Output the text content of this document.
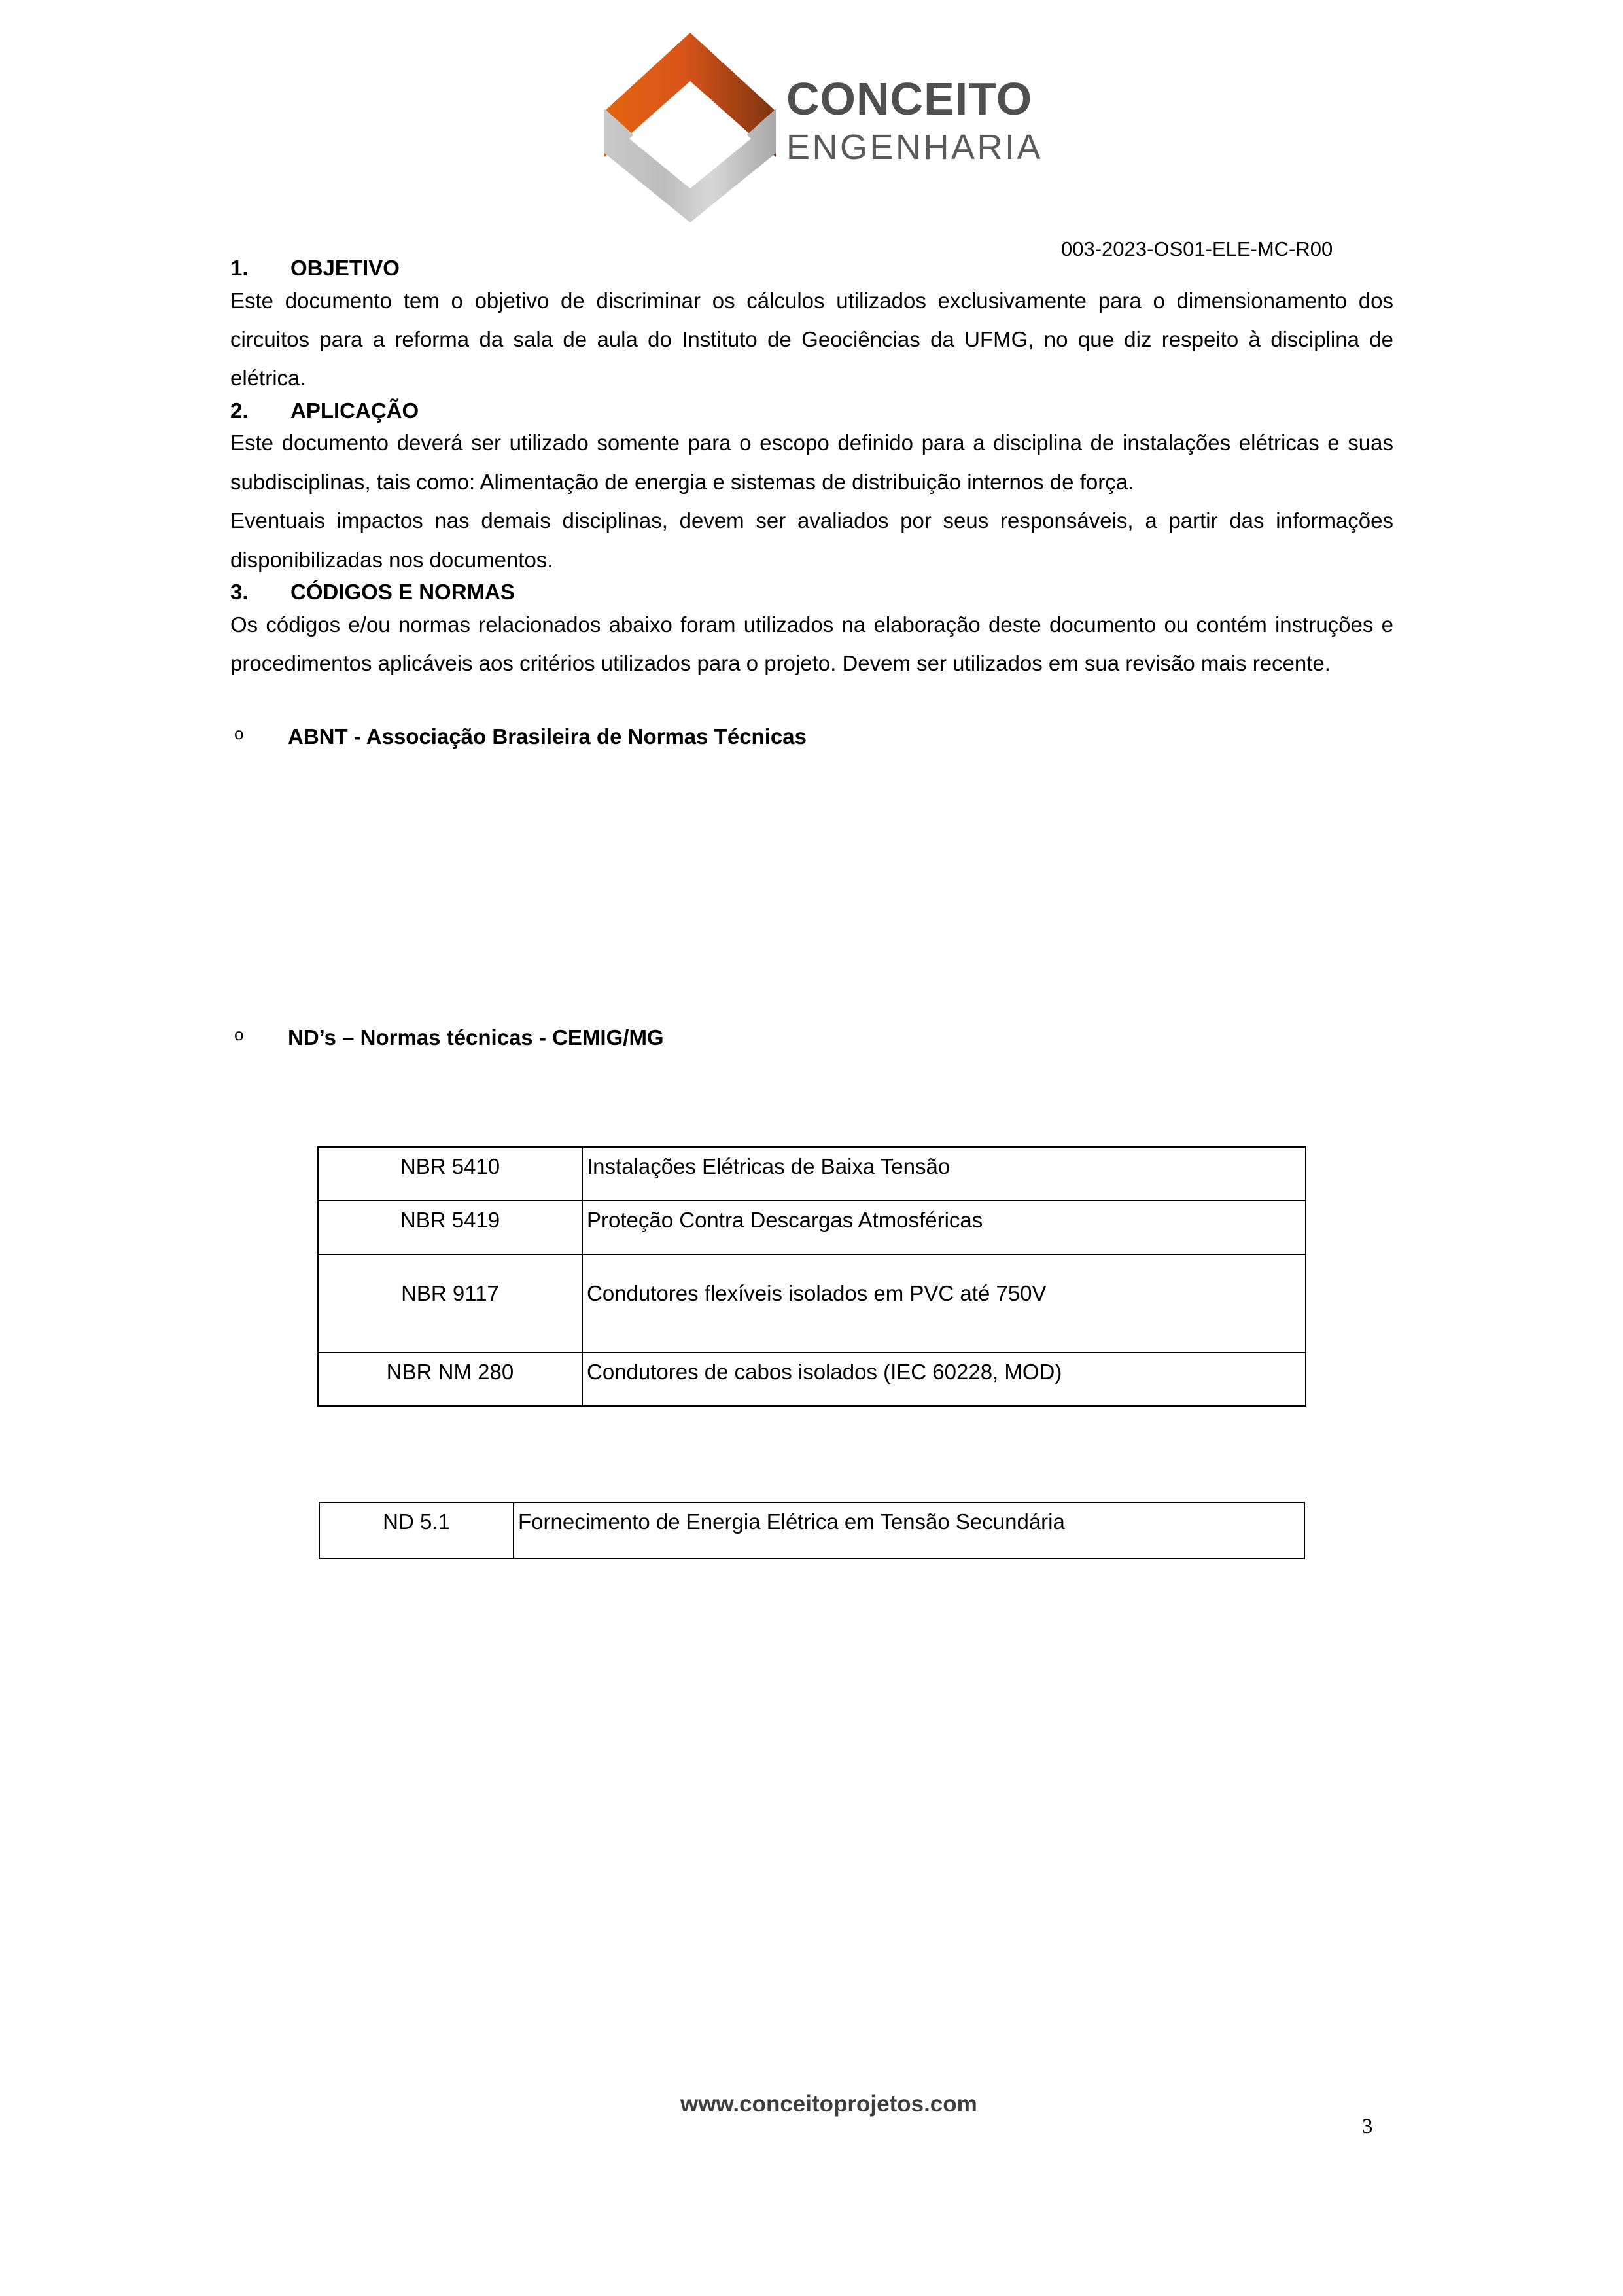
CONCEITO
ENGENHARIA
003-2023-OS01-ELE-MC-R00
1.	OBJETIVO

Este documento tem o objetivo de discriminar os cálculos utilizados exclusivamente para o dimensionamento dos circuitos para a reforma da sala de aula do Instituto de Geociências da UFMG, no que diz respeito à disciplina de elétrica.

2.	APLICAÇÃO

Este documento deverá ser utilizado somente para o escopo definido para a disciplina de instalações elétricas e suas subdisciplinas, tais como: Alimentação de energia e sistemas de distribuição internos de força.

Eventuais impactos nas demais disciplinas, devem ser avaliados por seus responsáveis, a partir das informações disponibilizadas nos documentos.

3.	CÓDIGOS E NORMAS

Os códigos e/ou normas relacionados abaixo foram utilizados na elaboração deste documento ou contém instruções e procedimentos aplicáveis aos critérios utilizados para o projeto. Devem ser utilizados em sua revisão mais recente.

o	ABNT - Associação Brasileira de Normas Técnicas
o	ND’s – Normas técnicas - CEMIG/MG
NBR 5410	Instalações Elétricas de Baixa Tensão
NBR 5419	Proteção Contra Descargas Atmosféricas
NBR 9117	Condutores flexíveis isolados em PVC até 750V
NBR NM 280	Condutores de cabos isolados (IEC 60228, MOD)
ND 5.1	Fornecimento de Energia Elétrica em Tensão Secundária
www.conceitoprojetos.com
3
